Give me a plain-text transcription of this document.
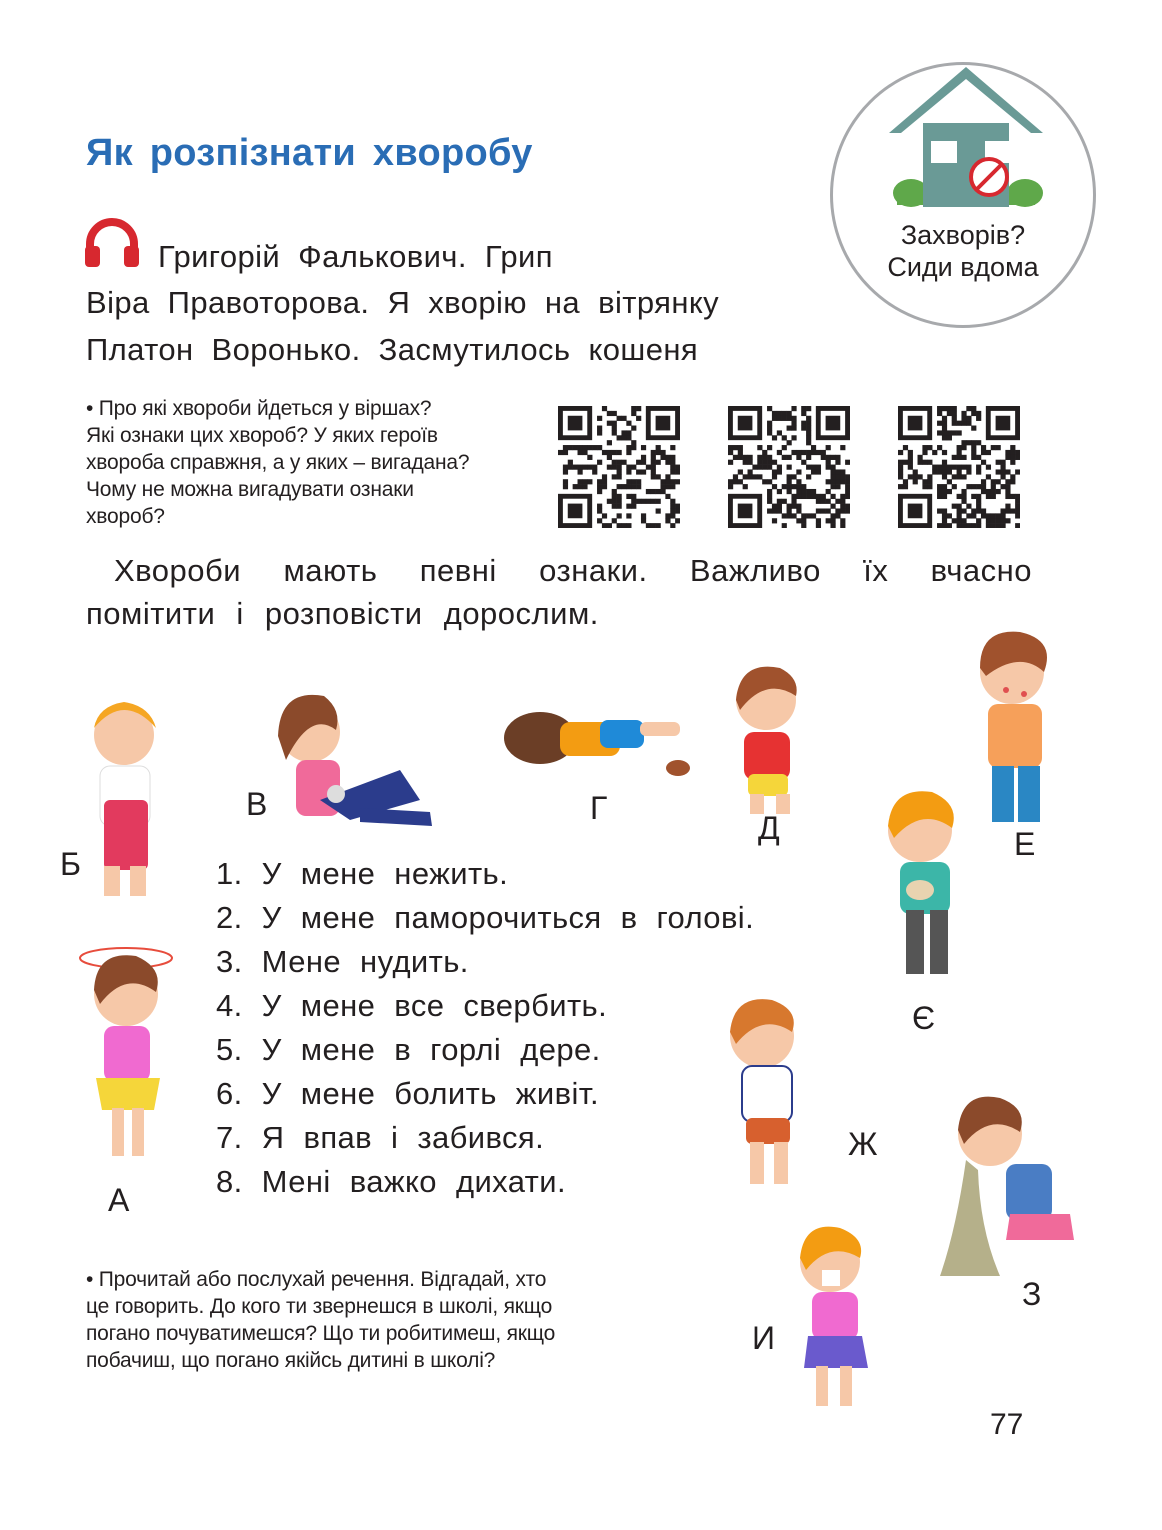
Як розпізнати хворобу
Григорій Фалькович. Грип
Віра Правоторова. Я хворію на вітрянку
Платон Воронько. Засмутилось кошеня
Захворів?
Сиди вдома
• Про які хвороби йдеться у віршах?
Які ознаки цих хвороб? У яких героїв
хвороба справжня, а у яких – вигадана?
Чому не можна вигадувати ознаки
хвороб?
Хвороби мають певні ознаки. Важливо їх вчасно
помітити і розповісти дорослим.
Б
В	Г
Д	Е
Є
А
Ж
З
И
1. У мене нежить.
2. У мене паморочиться в голові.
3. Мене нудить.
4. У мене все свербить.
5. У мене в горлі дере.
6. У мене болить живіт.
7. Я впав і забився.
8. Мені важко дихати.
• Прочитай або послухай речення. Відгадай, хто
це говорить. До кого ти звернешся в школі, якщо
погано почуватимешся? Що ти робитимеш, якщо
побачиш, що погано якійсь дитині в школі?
77
